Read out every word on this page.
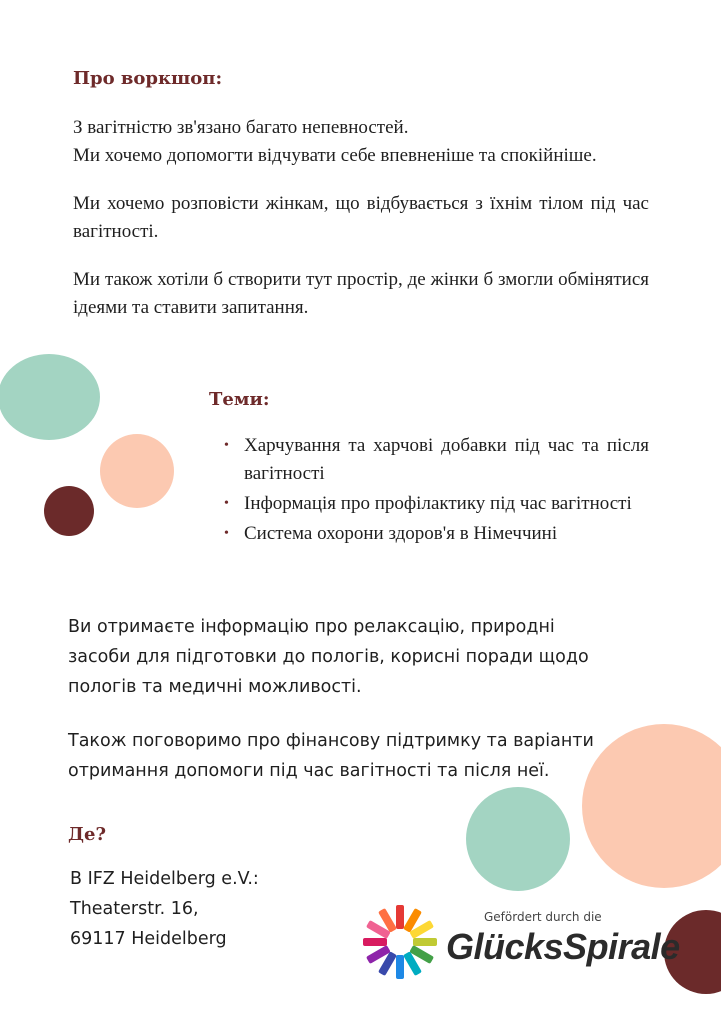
Про воркшоп:

З вагітністю зв'язано багато непевностей.
Ми хочемо допомогти відчувати себе впевненіше та спокійніше.

Ми хочемо розповісти жінкам, що відбувається з їхнім тілом під час вагітності.

Ми також хотіли б створити тут простір, де жінки б змогли обмінятися ідеями та ставити запитання.

Теми:
• Харчування та харчові добавки під час та після вагітності
• Інформація про профілактику під час вагітності
• Система охорони здоров'я в Німеччині
Ви отримаєте інформацію про релаксацію, природні засоби для підготовки до пологів, корисні поради щодо пологів та медичні можливості.
Також поговоримо про фінансову підтримку та варіанти отримання допомоги під час вагітності та після неї.
Де?
В IFZ Heidelberg e.V.:
Theaterstr. 16,
69117 Heidelberg
Gefördert durch die
GlücksSpirale
